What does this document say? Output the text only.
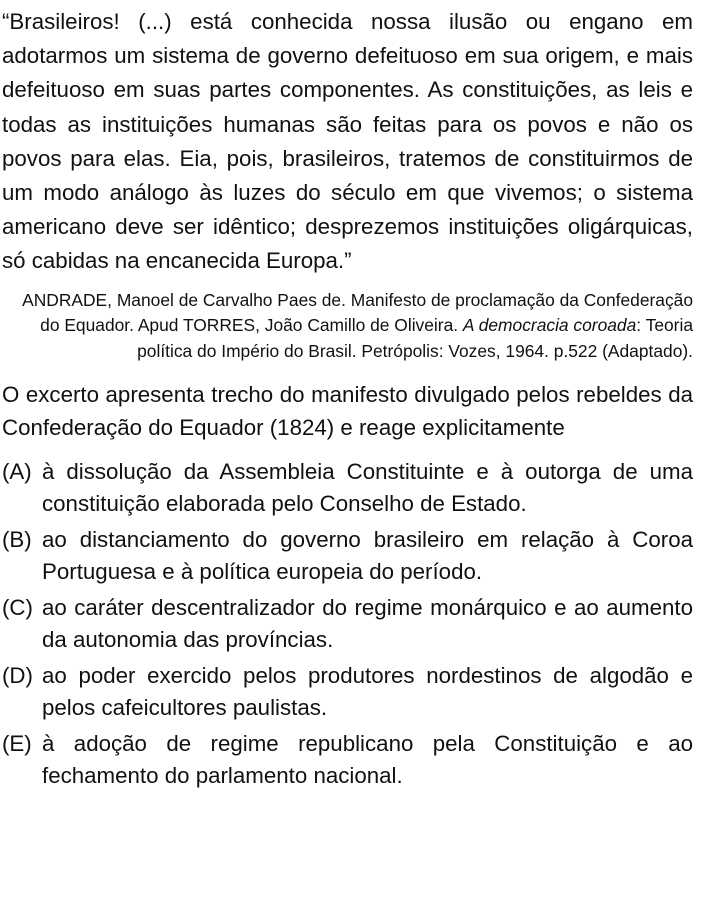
“Brasileiros! (...) está conhecida nossa ilusão ou engano em adotarmos um sistema de governo defeituoso em sua origem, e mais defeituoso em suas partes componentes. As constituições, as leis e todas as instituições humanas são feitas para os povos e não os povos para elas. Eia, pois, brasileiros, tratemos de constituirmos de um modo análogo às luzes do século em que vivemos; o sistema americano deve ser idêntico; desprezemos instituições oligárquicas, só cabidas na encanecida Europa.”

ANDRADE, Manoel de Carvalho Paes de. Manifesto de proclamação da Confederação do Equador. Apud TORRES, João Camillo de Oliveira. A democracia coroada: Teoria política do Império do Brasil. Petrópolis: Vozes, 1964. p.522 (Adaptado).

O excerto apresenta trecho do manifesto divulgado pelos rebeldes da Confederação do Equador (1824) e reage explicitamente

(A) à dissolução da Assembleia Constituinte e à outorga de uma constituição elaborada pelo Conselho de Estado.
(B) ao distanciamento do governo brasileiro em relação à Coroa Portuguesa e à política europeia do período.
(C) ao caráter descentralizador do regime monárquico e ao aumento da autonomia das províncias.
(D) ao poder exercido pelos produtores nordestinos de algodão e pelos cafeicultores paulistas.
(E) à adoção de regime republicano pela Constituição e ao fechamento do parlamento nacional.
